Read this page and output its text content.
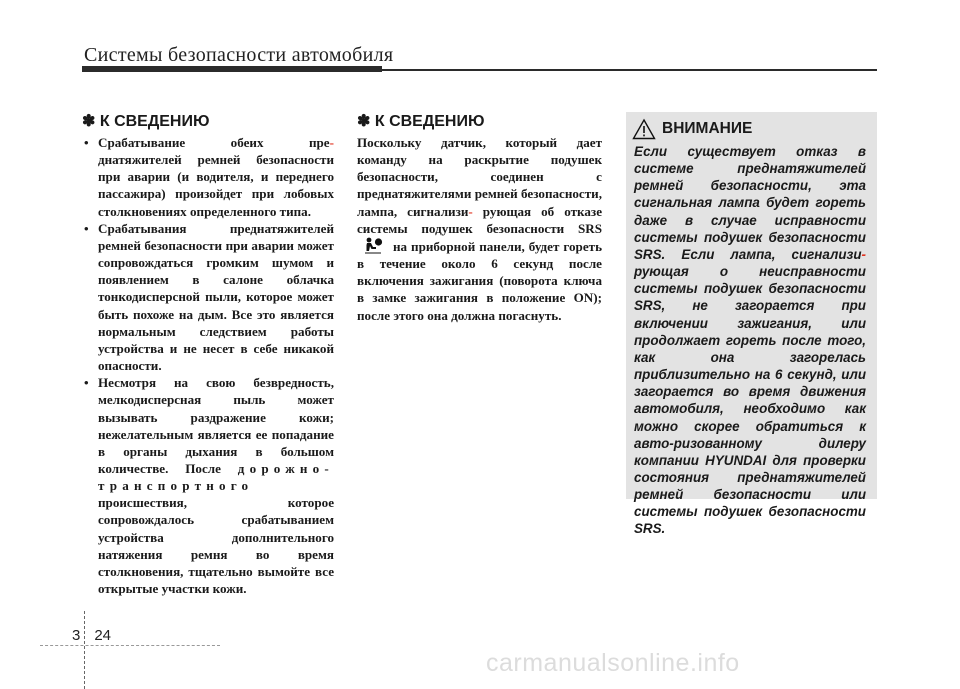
Системы безопасности автомобиля
✽ К СВЕДЕНИЮ
• Срабатывание обеих пре- днатяжителей ремней безопасности при аварии (и водителя, и переднего пассажира) произойдет при лобовых столкновениях определенного типа.
• Срабатывания преднатяжителей ремней безопасности при аварии может сопровождаться громким шумом и появлением в салоне облачка тонкодисперсной пыли, которое может быть похоже на дым. Все это является нормальным следствием работы устройства и не несет в себе никакой опасности.
• Несмотря на свою безвредность, мелкодисперсная пыль может вызывать раздражение кожи; нежелательным является ее попадание в органы дыхания в большом количестве. После дорожно-транспортного происшествия, которое сопровождалось срабатыванием устройства дополнительного натяжения ремня во время столкновения, тщательно вымойте все открытые участки кожи.
✽ К СВЕДЕНИЮ
Поскольку датчик, который дает команду на раскрытие подушек безопасности, соединен с преднатяжителями ремней безопасности, лампа, сигнализи- рующая об отказе системы подушек безопасности SRS на приборной панели, будет гореть в течение около 6 секунд после включения зажигания (поворота ключа в замке зажигания в положение ON); после этого она должна погаснуть.
ВНИМАНИЕ
Если существует отказ в системе преднатяжителей ремней безопасности, эта сигнальная лампа будет гореть даже в случае исправности системы подушек безопасности SRS. Если лампа, сигнализи- рующая о неисправности системы подушек безопасности SRS, не загорается при включении зажигания, или продолжает гореть после того, как она загорелась приблизительно на 6 секунд, или загорается во время движения автомобиля, необходимо как можно скорее обратиться к авто-ризованному дилеру компании HYUNDAI для проверки состояния преднатяжителей ремней безопасности или системы подушек безопасности SRS.
3 24
carmanualsonline.info
